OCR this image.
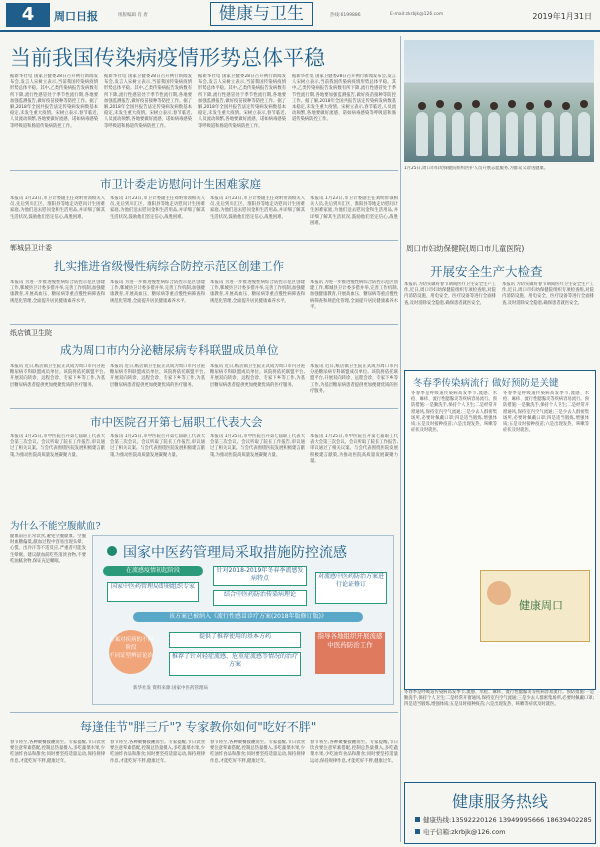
4	周口日报	组版编辑 肖 唐	健康与卫生	热线:6199886	E-mail:zkrbjk@126.com	2019年1月31日
当前我国传染病疫情形势总体平稳
据新华社电 国家卫健委28日召开例行新闻发布会,发言人宋树立表示,当前我国传染病疫情形势总体平稳。其中,乙类传染病报告发病数有所下降,流行性感冒处于季节性流行期,各地要加强监测报告,做好疫苗接种等防控工作。据了解,2018年全国共报告法定传染病发病数基本稳定,未发生重大疫情。宋树立表示,春节临近,人员流动频繁,各地要做好流感、诺如病毒感染等呼吸道和肠道传染病防控工作。
据新华社电 国家卫健委28日召开例行新闻发布会,发言人宋树立表示,当前我国传染病疫情形势总体平稳。其中,乙类传染病报告发病数有所下降,流行性感冒处于季节性流行期,各地要加强监测报告,做好疫苗接种等防控工作。据了解,2018年全国共报告法定传染病发病数基本稳定,未发生重大疫情。宋树立表示,春节临近,人员流动频繁,各地要做好流感、诺如病毒感染等呼吸道和肠道传染病防控工作。
据新华社电 国家卫健委28日召开例行新闻发布会,发言人宋树立表示,当前我国传染病疫情形势总体平稳。其中,乙类传染病报告发病数有所下降,流行性感冒处于季节性流行期,各地要加强监测报告,做好疫苗接种等防控工作。据了解,2018年全国共报告法定传染病发病数基本稳定,未发生重大疫情。宋树立表示,春节临近,人员流动频繁,各地要做好流感、诺如病毒感染等呼吸道和肠道传染病防控工作。
据新华社电 国家卫健委28日召开例行新闻发布会,发言人宋树立表示,当前我国传染病疫情形势总体平稳。其中,乙类传染病报告发病数有所下降,流行性感冒处于季节性流行期,各地要加强监测报告,做好疫苗接种等防控工作。据了解,2018年全国共报告法定传染病发病数基本稳定,未发生重大疫情。宋树立表示,春节临近,人员流动频繁,各地要做好流感、诺如病毒感染等呼吸道和肠道传染病防控工作。
1月25日,周口市妇幼保健院组织医护人员开展志愿服务,为群众义诊送健康。
市卫计委走访慰问计生困难家庭
本报讯 1月23日,市卫计委副主任刘明带领相关人员,先后到川汇区、淮阳县等地走访慰问计生困难家庭,为他们送去慰问金和生活用品,并详细了解其生活状况,鼓励他们坚定信心,战胜困难。
本报讯 1月23日,市卫计委副主任刘明带领相关人员,先后到川汇区、淮阳县等地走访慰问计生困难家庭,为他们送去慰问金和生活用品,并详细了解其生活状况,鼓励他们坚定信心,战胜困难。
本报讯 1月23日,市卫计委副主任刘明带领相关人员,先后到川汇区、淮阳县等地走访慰问计生困难家庭,为他们送去慰问金和生活用品,并详细了解其生活状况,鼓励他们坚定信心,战胜困难。
本报讯 1月23日,市卫计委副主任刘明带领相关人员,先后到川汇区、淮阳县等地走访慰问计生困难家庭,为他们送去慰问金和生活用品,并详细了解其生活状况,鼓励他们坚定信心,战胜困难。
周口市妇幼保健院(周口市儿童医院)
开展安全生产大检查
本报讯 为切实做好春节期间医疗卫生安全生产工作,近日,周口市妇幼保健院组织专项检查组,对院内消防设施、用电安全、医疗设备等进行全面排查,及时消除安全隐患,确保患者就医安全。
本报讯 为切实做好春节期间医疗卫生安全生产工作,近日,周口市妇幼保健院组织专项检查组,对院内消防设施、用电安全、医疗设备等进行全面排查,及时消除安全隐患,确保患者就医安全。
郸城县卫计委
扎实推进省级慢性病综合防控示范区创建工作
本报讯 为进一步推进慢性病综合防控示范区创建工作,郸城县卫计委多措并举,完善工作机制,加强健康教育,开展高血压、糖尿病等重点慢性病筛查和规范化管理,全面提升居民健康素养水平。
本报讯 为进一步推进慢性病综合防控示范区创建工作,郸城县卫计委多措并举,完善工作机制,加强健康教育,开展高血压、糖尿病等重点慢性病筛查和规范化管理,全面提升居民健康素养水平。
本报讯 为进一步推进慢性病综合防控示范区创建工作,郸城县卫计委多措并举,完善工作机制,加强健康教育,开展高血压、糖尿病等重点慢性病筛查和规范化管理,全面提升居民健康素养水平。
本报讯 为进一步推进慢性病综合防控示范区创建工作,郸城县卫计委多措并举,完善工作机制,加强健康教育,开展高血压、糖尿病等重点慢性病筛查和规范化管理,全面提升居民健康素养水平。
纸店镇卫生院
成为周口市内分泌糖尿病专科联盟成员单位
本报讯 近日,纸店镇卫生院正式成为周口市内分泌糖尿病专科联盟成员单位。该院将依托联盟平台,开展双向转诊、远程会诊、专家下乡等工作,为基层糖尿病患者提供更加便捷优质的医疗服务。
本报讯 近日,纸店镇卫生院正式成为周口市内分泌糖尿病专科联盟成员单位。该院将依托联盟平台,开展双向转诊、远程会诊、专家下乡等工作,为基层糖尿病患者提供更加便捷优质的医疗服务。
本报讯 近日,纸店镇卫生院正式成为周口市内分泌糖尿病专科联盟成员单位。该院将依托联盟平台,开展双向转诊、远程会诊、专家下乡等工作,为基层糖尿病患者提供更加便捷优质的医疗服务。
本报讯 近日,纸店镇卫生院正式成为周口市内分泌糖尿病专科联盟成员单位。该院将依托联盟平台,开展双向转诊、远程会诊、专家下乡等工作,为基层糖尿病患者提供更加便捷优质的医疗服务。
市中医院召开第七届职工代表大会
本报讯 1月25日,市中医院召开第七届职工代表大会第三次会议。会议听取了院长工作报告,审议通过了相关议案。与会代表围绕医院发展积极建言献策,为推动医院高质量发展凝聚力量。
本报讯 1月25日,市中医院召开第七届职工代表大会第三次会议。会议听取了院长工作报告,审议通过了相关议案。与会代表围绕医院发展积极建言献策,为推动医院高质量发展凝聚力量。
本报讯 1月25日,市中医院召开第七届职工代表大会第三次会议。会议听取了院长工作报告,审议通过了相关议案。与会代表围绕医院发展积极建言献策,为推动医院高质量发展凝聚力量。
本报讯 1月25日,市中医院召开第七届职工代表大会第三次会议。会议听取了院长工作报告,审议通过了相关议案。与会代表围绕医院发展积极建言献策,为推动医院高质量发展凝聚力量。
为什么不能空腹献血?
献血前应正常饮食,避免空腹献血。空腹时血糖偏低,献血过程中容易出现头晕、心慌、出冷汗等不适反应,严重者可能发生晕厥。建议献血前吃些清淡食物,不要吃油腻食物,保证充足睡眠。
国家中医药管理局采取措施防控流感
在流感疫情初起阶段
国家中医药管理局即刻组织专家
针对2018-2019年冬春季流感发病特点
结合中医药防治传染病理论
对流感中医药防治方案进行论证修订
该方案已被纳入《流行性感冒诊疗方案(2018年版修订版)》
方案对疾病的不同阶段
不同证型辨证论治
提供了推荐使用的基本方药
推荐了针对轻症流感、危重症流感等情况的治疗方案
指导各地组织开展流感中医药防治工作
新华社发 资料来源:国家中医药管理局
每逢佳节"胖三斤"? 专家教你如何"吃好不胖"
春节将至,各种聚餐接踵而至。专家提醒,节日饮食要注意荤素搭配,控制总热量摄入,多吃蔬菜水果,少吃油炸食品和甜食;同时要坚持适量运动,保持规律作息,才能吃好不胖,健康过年。
春节将至,各种聚餐接踵而至。专家提醒,节日饮食要注意荤素搭配,控制总热量摄入,多吃蔬菜水果,少吃油炸食品和甜食;同时要坚持适量运动,保持规律作息,才能吃好不胖,健康过年。
春节将至,各种聚餐接踵而至。专家提醒,节日饮食要注意荤素搭配,控制总热量摄入,多吃蔬菜水果,少吃油炸食品和甜食;同时要坚持适量运动,保持规律作息,才能吃好不胖,健康过年。
春节将至,各种聚餐接踵而至。专家提醒,节日饮食要注意荤素搭配,控制总热量摄入,多吃蔬菜水果,少吃油炸食品和甜食;同时要坚持适量运动,保持规律作息,才能吃好不胖,健康过年。
冬春季传染病流行 做好预防是关键
冬春季是呼吸道传染病高发季节,流感、水痘、麻疹、流行性腮腺炎等疾病容易流行。预防措施:一是勤洗手,保持个人卫生;二是经常开窗通风,保持室内空气流通;三是少去人群密集场所,必要时佩戴口罩;四是适当锻炼,增强体质;五是及时接种疫苗;六是出现发热、咳嗽等症状及时就医。
冬春季是呼吸道传染病高发季节,流感、水痘、麻疹、流行性腮腺炎等疾病容易流行。预防措施:一是勤洗手,保持个人卫生;二是经常开窗通风,保持室内空气流通;三是少去人群密集场所,必要时佩戴口罩;四是适当锻炼,增强体质;五是及时接种疫苗;六是出现发热、咳嗽等症状及时就医。
健康周口
冬春季是呼吸道传染病高发季节,流感、水痘、麻疹、流行性腮腺炎等疾病容易流行。预防措施:一是勤洗手,保持个人卫生;二是经常开窗通风,保持室内空气流通;三是少去人群密集场所,必要时佩戴口罩;四是适当锻炼,增强体质;五是及时接种疫苗;六是出现发热、咳嗽等症状及时就医。
健康服务热线
健康热线:13592220126 13949995666 18639402285
电子信箱:zkrbjk@126.com
